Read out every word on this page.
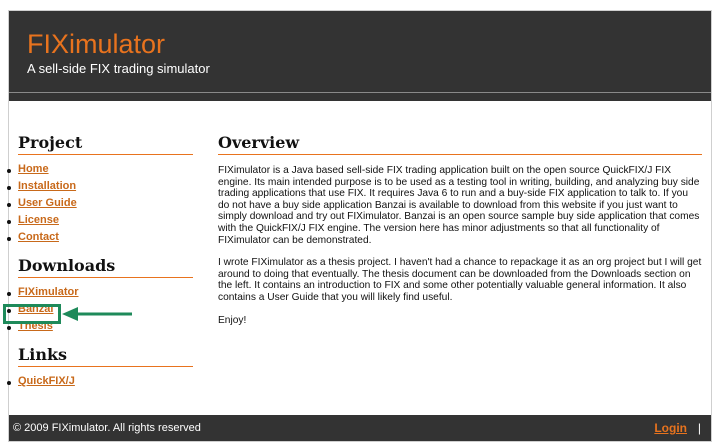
FIXimulator
A sell-side FIX trading simulator
Project
Home
Installation
User Guide
License
Contact
Downloads
FIXimulator
Banzai
Thesis
Links
QuickFIX/J
Overview

FIXimulator is a Java based sell-side FIX trading application built on the open source QuickFIX/J FIX engine. Its main intended purpose is to be used as a testing tool in writing, building, and analyzing buy side trading applications that use FIX. It requires Java 6 to run and a buy-side FIX application to talk to. If you do not have a buy side application Banzai is available to download from this website if you just want to simply download and try out FIXimulator. Banzai is an open source sample buy side application that comes with the QuickFIX/J FIX engine. The version here has minor adjustments so that all functionality of FIXimulator can be demonstrated.

I wrote FIXimulator as a thesis project. I haven't had a chance to repackage it as an org project but I will get around to doing that eventually. The thesis document can be downloaded from the Downloads section on the left. It contains an introduction to FIX and some other potentially valuable general information. It also contains a User Guide that you will likely find useful.

Enjoy!

© 2009 FIXimulator. All rights reserved	Login |
